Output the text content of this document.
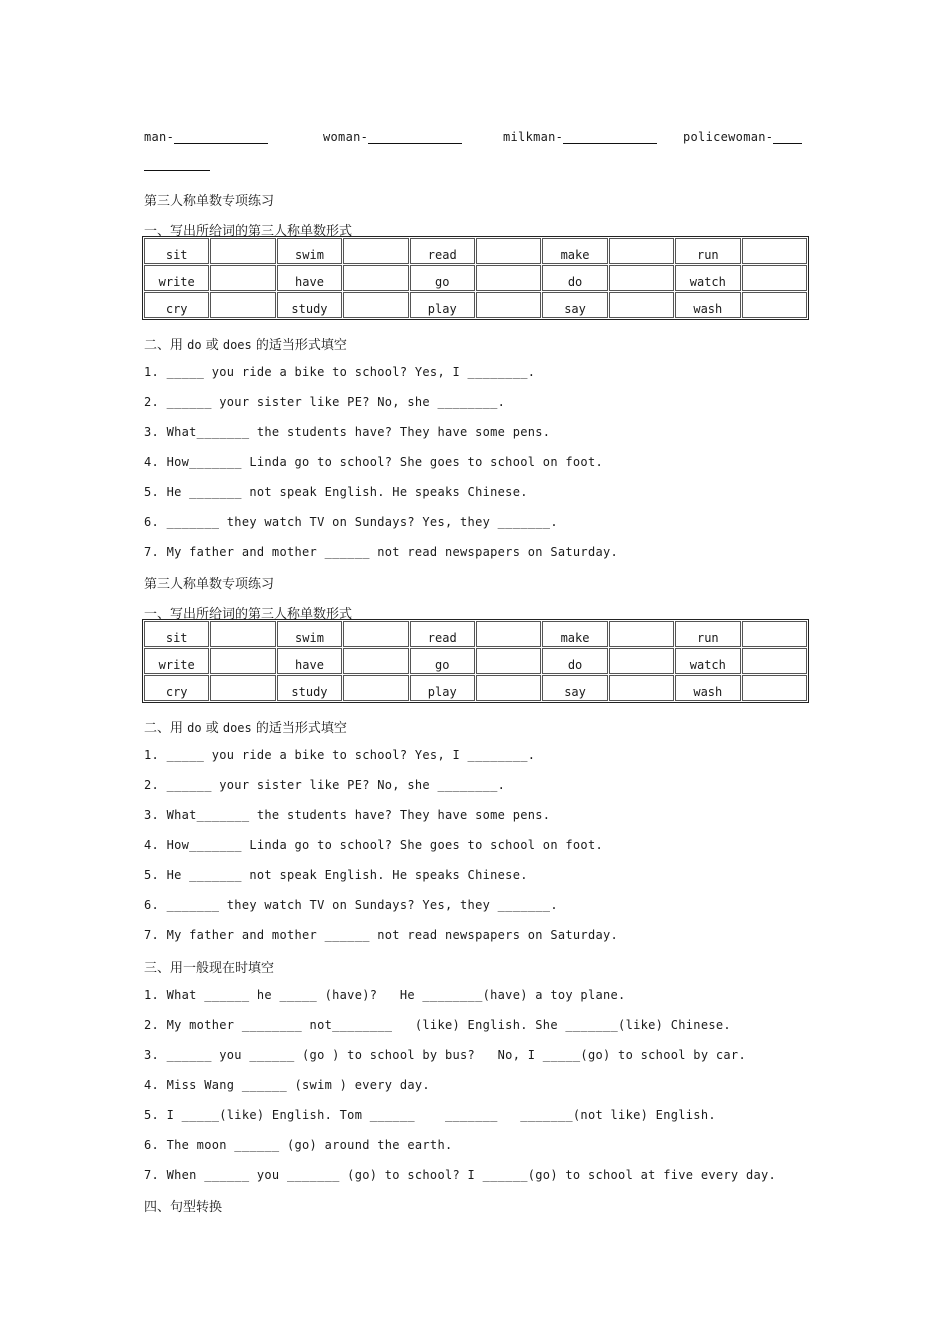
man-	woman-	milkman-	policewoman-
第三人称单数专项练习
一、写出所给词的第三人称单数形式
sit		swim		read		make		run	
write		have		go		do		watch	
cry		study		play		say		wash	
二、用 do 或 does 的适当形式填空
1. _____ you ride a bike to school? Yes, I ________.
2. ______ your sister like PE? No, she ________.
3. What_______ the students have? They have some pens.
4. How_______ Linda go to school? She goes to school on foot.
5. He _______ not speak English. He speaks Chinese.
6. _______ they watch TV on Sundays? Yes, they _______.
7. My father and mother ______ not read newspapers on Saturday.
第三人称单数专项练习
一、写出所给词的第三人称单数形式
sit		swim		read		make		run	
write		have		go		do		watch	
cry		study		play		say		wash	
二、用 do 或 does 的适当形式填空
1. _____ you ride a bike to school? Yes, I ________.
2. ______ your sister like PE? No, she ________.
3. What_______ the students have? They have some pens.
4. How_______ Linda go to school? She goes to school on foot.
5. He _______ not speak English. He speaks Chinese.
6. _______ they watch TV on Sundays? Yes, they _______.
7. My father and mother ______ not read newspapers on Saturday.
三、用一般现在时填空
1. What ______ he _____ (have)?   He ________(have) a toy plane.
2. My mother ________ not________   (like) English. She _______(like) Chinese.
3. ______ you ______ (go ) to school by bus?   No, I _____(go) to school by car.
4. Miss Wang ______ (swim ) every day.
5. I _____(like) English. Tom ______    _______   _______(not like) English.
6. The moon ______ (go) around the earth.
7. When ______ you _______ (go) to school? I ______(go) to school at five every day.
四、句型转换
